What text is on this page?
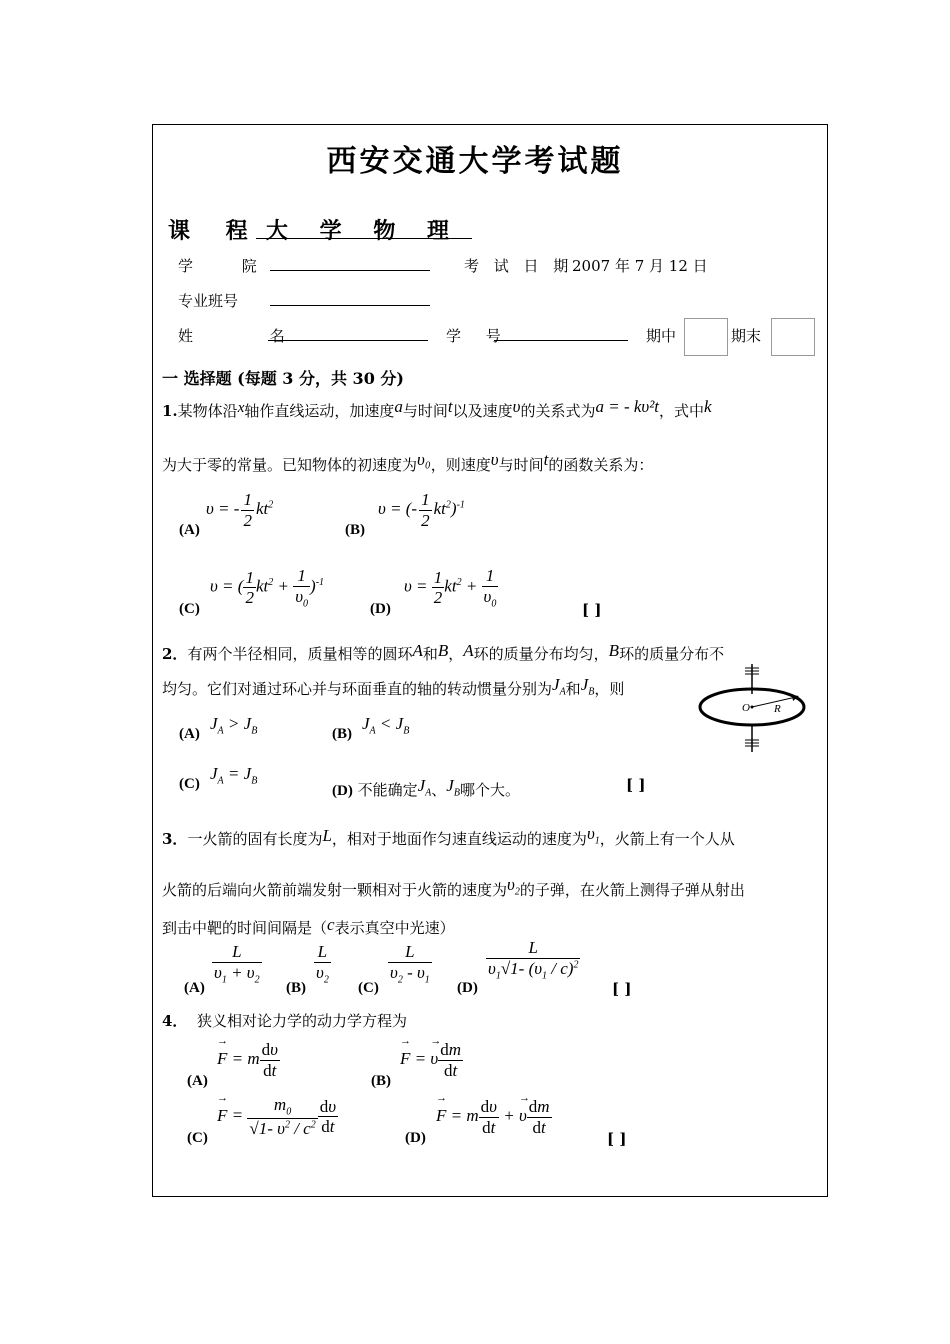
西安交通大学考试题
课 程 大 学 物 理
学 院	考 试 日 期
2007 年 7 月 12 日
专业班号
姓 名	学 号	期中	期末
一 选择题 (每题 3 分，共 30 分)
1.某物体沿x轴作直线运动，加速度a与时间t以及速度υ的关系式为a = - kυ²t，式中k
为大于零的常量。已知物体的初速度为υ₀，则速度υ与时间t的函数关系为：
(A)
υ = - $\frac{1}{2} kt^2$
(B)
υ = (- $\frac{1}{2} kt^2)^{-1}$
(C)
υ = ( $\frac{1}{2} kt^2 + \frac{1}{\upsilon_0} )^{-1}$
(D)
$\upsilon = \frac{1}{2} kt^2 + \frac{1}{\upsilon_0}$
[ ]
2．有两个半径相同，质量相等的圆环A和B，A环的质量分布均匀，B环的质量分布不
均匀。它们对通过环心并与环面垂直的轴的转动惯量分别为$J_A$和$J_B$，则
O R
(A)
$J_A > J_B$	(B)
$J_A < J_B$
(C)
$J_A = J_B$
(D) 不能确定$J_A$、$J_B$哪个大。	[ ]
3．一火箭的固有长度为L，相对于地面作匀速直线运动的速度为$\upsilon_1$，火箭上有一个人从
火箭的后端向火箭前端发射一颗相对于火箭的速度为$\upsilon_2$的子弹，在火箭上测得子弹从射出
到击中靶的时间间隔是（c表示真空中光速）
(A)
$\frac{L}{\upsilon_1 + \upsilon_2}$
(B)
$\frac{L}{\upsilon_2}$
(C)
$\frac{L}{\upsilon_2 - \upsilon_1}$
(D)
$\frac{L}{\upsilon_1√1- (\upsilon_1 / c)^2}$
[ ]
4． 狭义相对论力学的动力学方程为
(A)
→ F = m $\frac{d\upsilon}{dt}$
(B)
→ F = → υ $\frac{dm}{dt}$
(C)
→ $F = \frac{m_0}{√1- \upsilon^2 / c^2} \frac{d\upsilon}{dt}$
(D)
→ F = m $\frac{d\upsilon}{dt}$ + → υ $\frac{dm}{dt}$
[ ]
